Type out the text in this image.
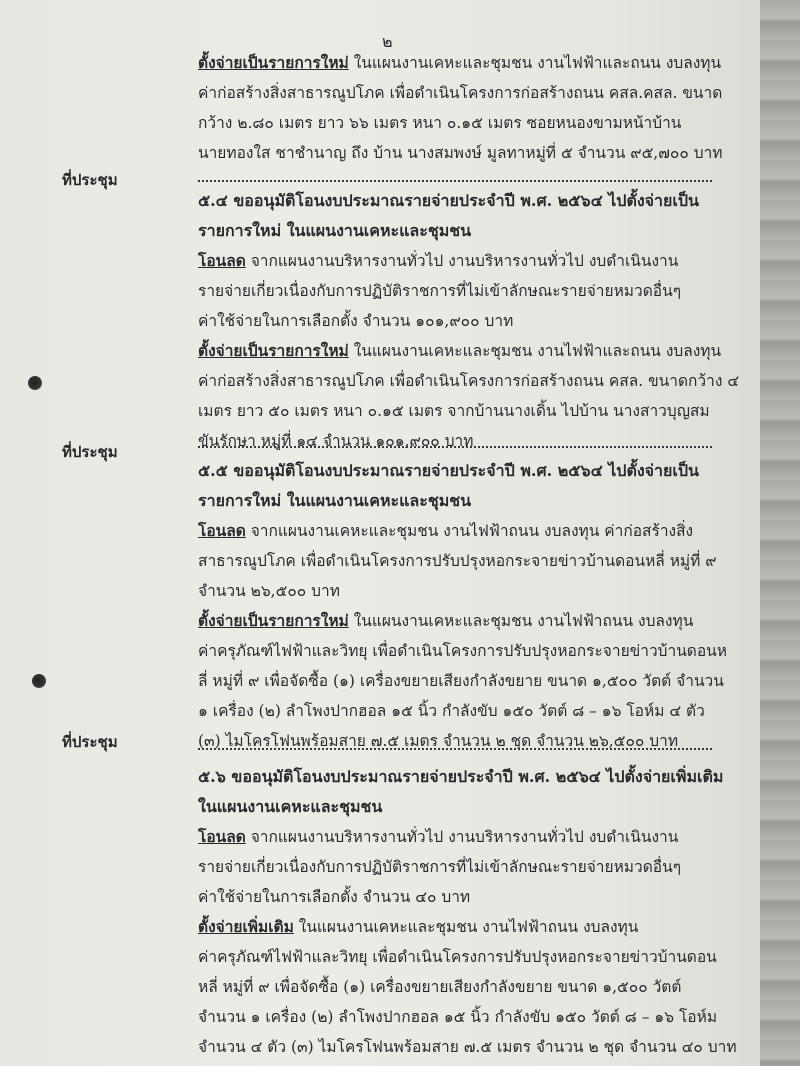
๒
ตั้งจ่ายเป็นรายการใหม่ ในแผนงานเคหะและชุมชน งานไฟฟ้าและถนน งบลงทุน
ค่าก่อสร้างสิ่งสาธารณูปโภค เพื่อดำเนินโครงการก่อสร้างถนน คสล.คสล. ขนาด
กว้าง ๒.๘๐ เมตร ยาว ๖๖ เมตร หนา ๐.๑๕ เมตร ซอยหนองขามหน้าบ้าน
นายทองใส ชาชำนาญ ถึง บ้าน นางสมพงษ์ มูลทาหมู่ที่ ๕ จำนวน ๙๕,๗๐๐ บาท
ที่ประชุม
๕.๔ ขออนุมัติโอนงบประมาณรายจ่ายประจำปี พ.ศ. ๒๕๖๔ ไปตั้งจ่ายเป็น
รายการใหม่ ในแผนงานเคหะและชุมชน
โอนลด จากแผนงานบริหารงานทั่วไป งานบริหารงานทั่วไป งบดำเนินงาน
รายจ่ายเกี่ยวเนื่องกับการปฏิบัติราชการที่ไม่เข้าลักษณะรายจ่ายหมวดอื่นๆ
ค่าใช้จ่ายในการเลือกตั้ง จำนวน ๑๐๑,๙๐๐ บาท
ตั้งจ่ายเป็นรายการใหม่ ในแผนงานเคหะและชุมชน งานไฟฟ้าและถนน งบลงทุน
ค่าก่อสร้างสิ่งสาธารณูปโภค เพื่อดำเนินโครงการก่อสร้างถนน คสล. ขนาดกว้าง ๔
เมตร ยาว ๕๐ เมตร หนา ๐.๑๕ เมตร จากบ้านนางเดิ้น ไปบ้าน นางสาวบุญสม
ขันรักษา หมู่ที่ ๑๔ จำนวน ๑๐๑,๙๐๐ บาท
ที่ประชุม
๕.๕ ขออนุมัติโอนงบประมาณรายจ่ายประจำปี พ.ศ. ๒๕๖๔ ไปตั้งจ่ายเป็น
รายการใหม่ ในแผนงานเคหะและชุมชน
โอนลด จากแผนงานเคหะและชุมชน งานไฟฟ้าถนน งบลงทุน ค่าก่อสร้างสิ่ง
สาธารณูปโภค เพื่อดำเนินโครงการปรับปรุงหอกระจายข่าวบ้านดอนหลี่ หมู่ที่ ๙
จำนวน ๒๖,๕๐๐ บาท
ตั้งจ่ายเป็นรายการใหม่ ในแผนงานเคหะและชุมชน งานไฟฟ้าถนน งบลงทุน
ค่าครุภัณฑ์ไฟฟ้าและวิทยุ เพื่อดำเนินโครงการปรับปรุงหอกระจายข่าวบ้านดอนห
ลี่ หมู่ที่ ๙ เพื่อจัดซื้อ (๑) เครื่องขยายเสียงกำลังขยาย ขนาด ๑,๕๐๐ วัตต์ จำนวน
๑ เครื่อง (๒) ลำโพงปากฮอล ๑๕ นิ้ว กำลังขับ ๑๕๐ วัตต์ ๘ – ๑๖ โอห์ม ๔ ตัว
(๓) ไมโครโฟนพร้อมสาย ๗.๕ เมตร จำนวน ๒ ชุด จำนวน ๒๖,๕๐๐ บาท
ที่ประชุม
๕.๖ ขออนุมัติโอนงบประมาณรายจ่ายประจำปี พ.ศ. ๒๕๖๔ ไปตั้งจ่ายเพิ่มเติม
ในแผนงานเคหะและชุมชน
โอนลด จากแผนงานบริหารงานทั่วไป งานบริหารงานทั่วไป งบดำเนินงาน
รายจ่ายเกี่ยวเนื่องกับการปฏิบัติราชการที่ไม่เข้าลักษณะรายจ่ายหมวดอื่นๆ
ค่าใช้จ่ายในการเลือกตั้ง จำนวน ๔๐ บาท
ตั้งจ่ายเพิ่มเติม ในแผนงานเคหะและชุมชน งานไฟฟ้าถนน งบลงทุน
ค่าครุภัณฑ์ไฟฟ้าและวิทยุ เพื่อดำเนินโครงการปรับปรุงหอกระจายข่าวบ้านดอน
หลี่ หมู่ที่ ๙ เพื่อจัดซื้อ (๑) เครื่องขยายเสียงกำลังขยาย ขนาด ๑,๕๐๐ วัตต์
จำนวน ๑ เครื่อง (๒) ลำโพงปากฮอล ๑๕ นิ้ว กำลังขับ ๑๕๐ วัตต์ ๘ – ๑๖ โอห์ม
จำนวน ๔ ตัว (๓) ไมโครโฟนพร้อมสาย ๗.๕ เมตร จำนวน ๒ ชุด จำนวน ๔๐ บาท
